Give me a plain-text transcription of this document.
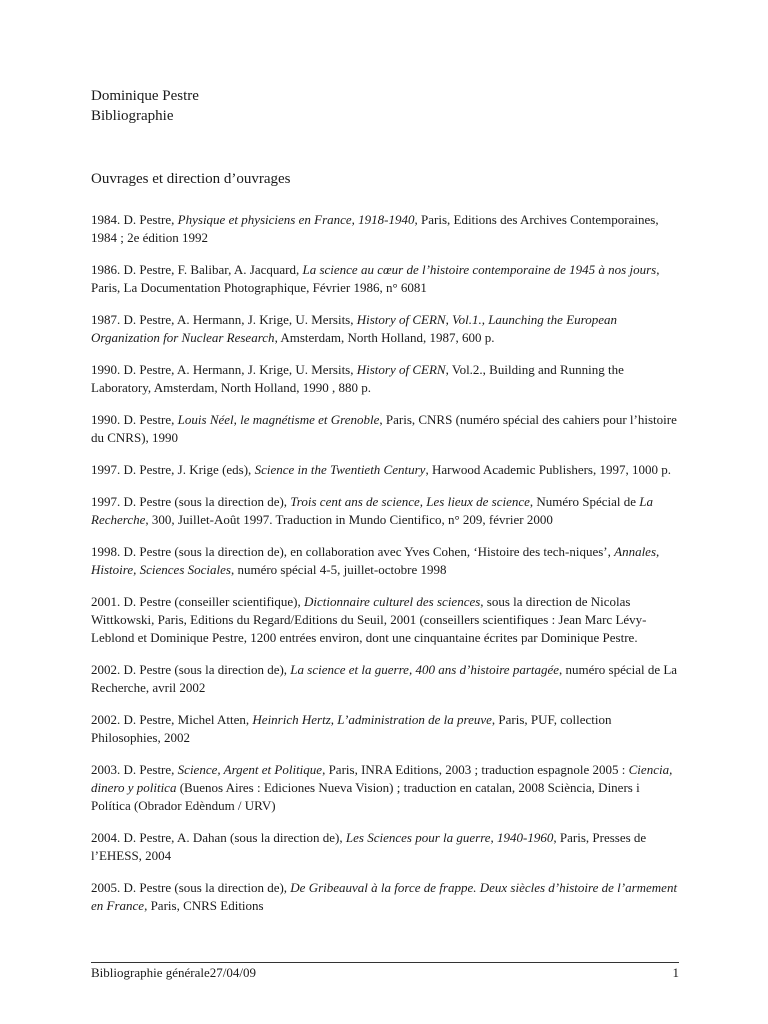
Dominique Pestre

Bibliographie

Ouvrages et direction d’ouvrages

1984. D. Pestre, Physique et physiciens en France, 1918-1940, Paris, Editions des Archives Contemporaines, 1984 ; 2e édition 1992

1986. D. Pestre, F. Balibar, A. Jacquard, La science au cœur de l’histoire contemporaine de 1945 à nos jours, Paris, La Documentation Photographique, Février 1986, n° 6081

1987. D. Pestre, A. Hermann, J. Krige, U. Mersits, History of CERN, Vol.1., Launching the European Organization for Nuclear Research, Amsterdam, North Holland, 1987, 600 p.

1990. D. Pestre, A. Hermann, J. Krige, U. Mersits, History of CERN, Vol.2., Building and Running the Laboratory, Amsterdam, North Holland, 1990 , 880 p.

1990. D. Pestre, Louis Néel, le magnétisme et Grenoble, Paris, CNRS (numéro spécial des cahiers pour l’histoire du CNRS), 1990

1997. D. Pestre, J. Krige (eds), Science in the Twentieth Century, Harwood Academic Publishers, 1997, 1000 p.

1997. D. Pestre (sous la direction de), Trois cent ans de science, Les lieux de science, Numéro Spécial de La Recherche, 300, Juillet-Août 1997. Traduction in Mundo Cientifico, n° 209, février 2000

1998. D. Pestre (sous la direction de), en collaboration avec Yves Cohen, ‘Histoire des tech-niques’, Annales, Histoire, Sciences Sociales, numéro spécial 4-5, juillet-octobre 1998

2001. D. Pestre (conseiller scientifique), Dictionnaire culturel des sciences, sous la direction de Nicolas Wittkowski, Paris, Editions du Regard/Editions du Seuil, 2001 (conseillers scientifiques : Jean Marc Lévy-Leblond et Dominique Pestre, 1200 entrées environ, dont une cinquantaine écrites par Dominique Pestre.

2002. D. Pestre (sous la direction de), La science et la guerre, 400 ans d’histoire partagée, numéro spécial de La Recherche, avril 2002

2002. D. Pestre, Michel Atten, Heinrich Hertz, L’administration de la preuve, Paris, PUF, collection Philosophies, 2002

2003. D. Pestre, Science, Argent et Politique, Paris, INRA Editions, 2003 ; traduction espagnole 2005 : Ciencia, dinero y politica (Buenos Aires : Ediciones Nueva Vision) ; traduction en catalan, 2008 Sciència, Diners i Política (Obrador Edèndum / URV)

2004. D. Pestre, A. Dahan (sous la direction de), Les Sciences pour la guerre, 1940-1960, Paris, Presses de l’EHESS, 2004

2005. D. Pestre (sous la direction de), De Gribeauval à la force de frappe. Deux siècles d’histoire de l’armement en France, Paris, CNRS Editions

Bibliographie générale27/04/09	1
